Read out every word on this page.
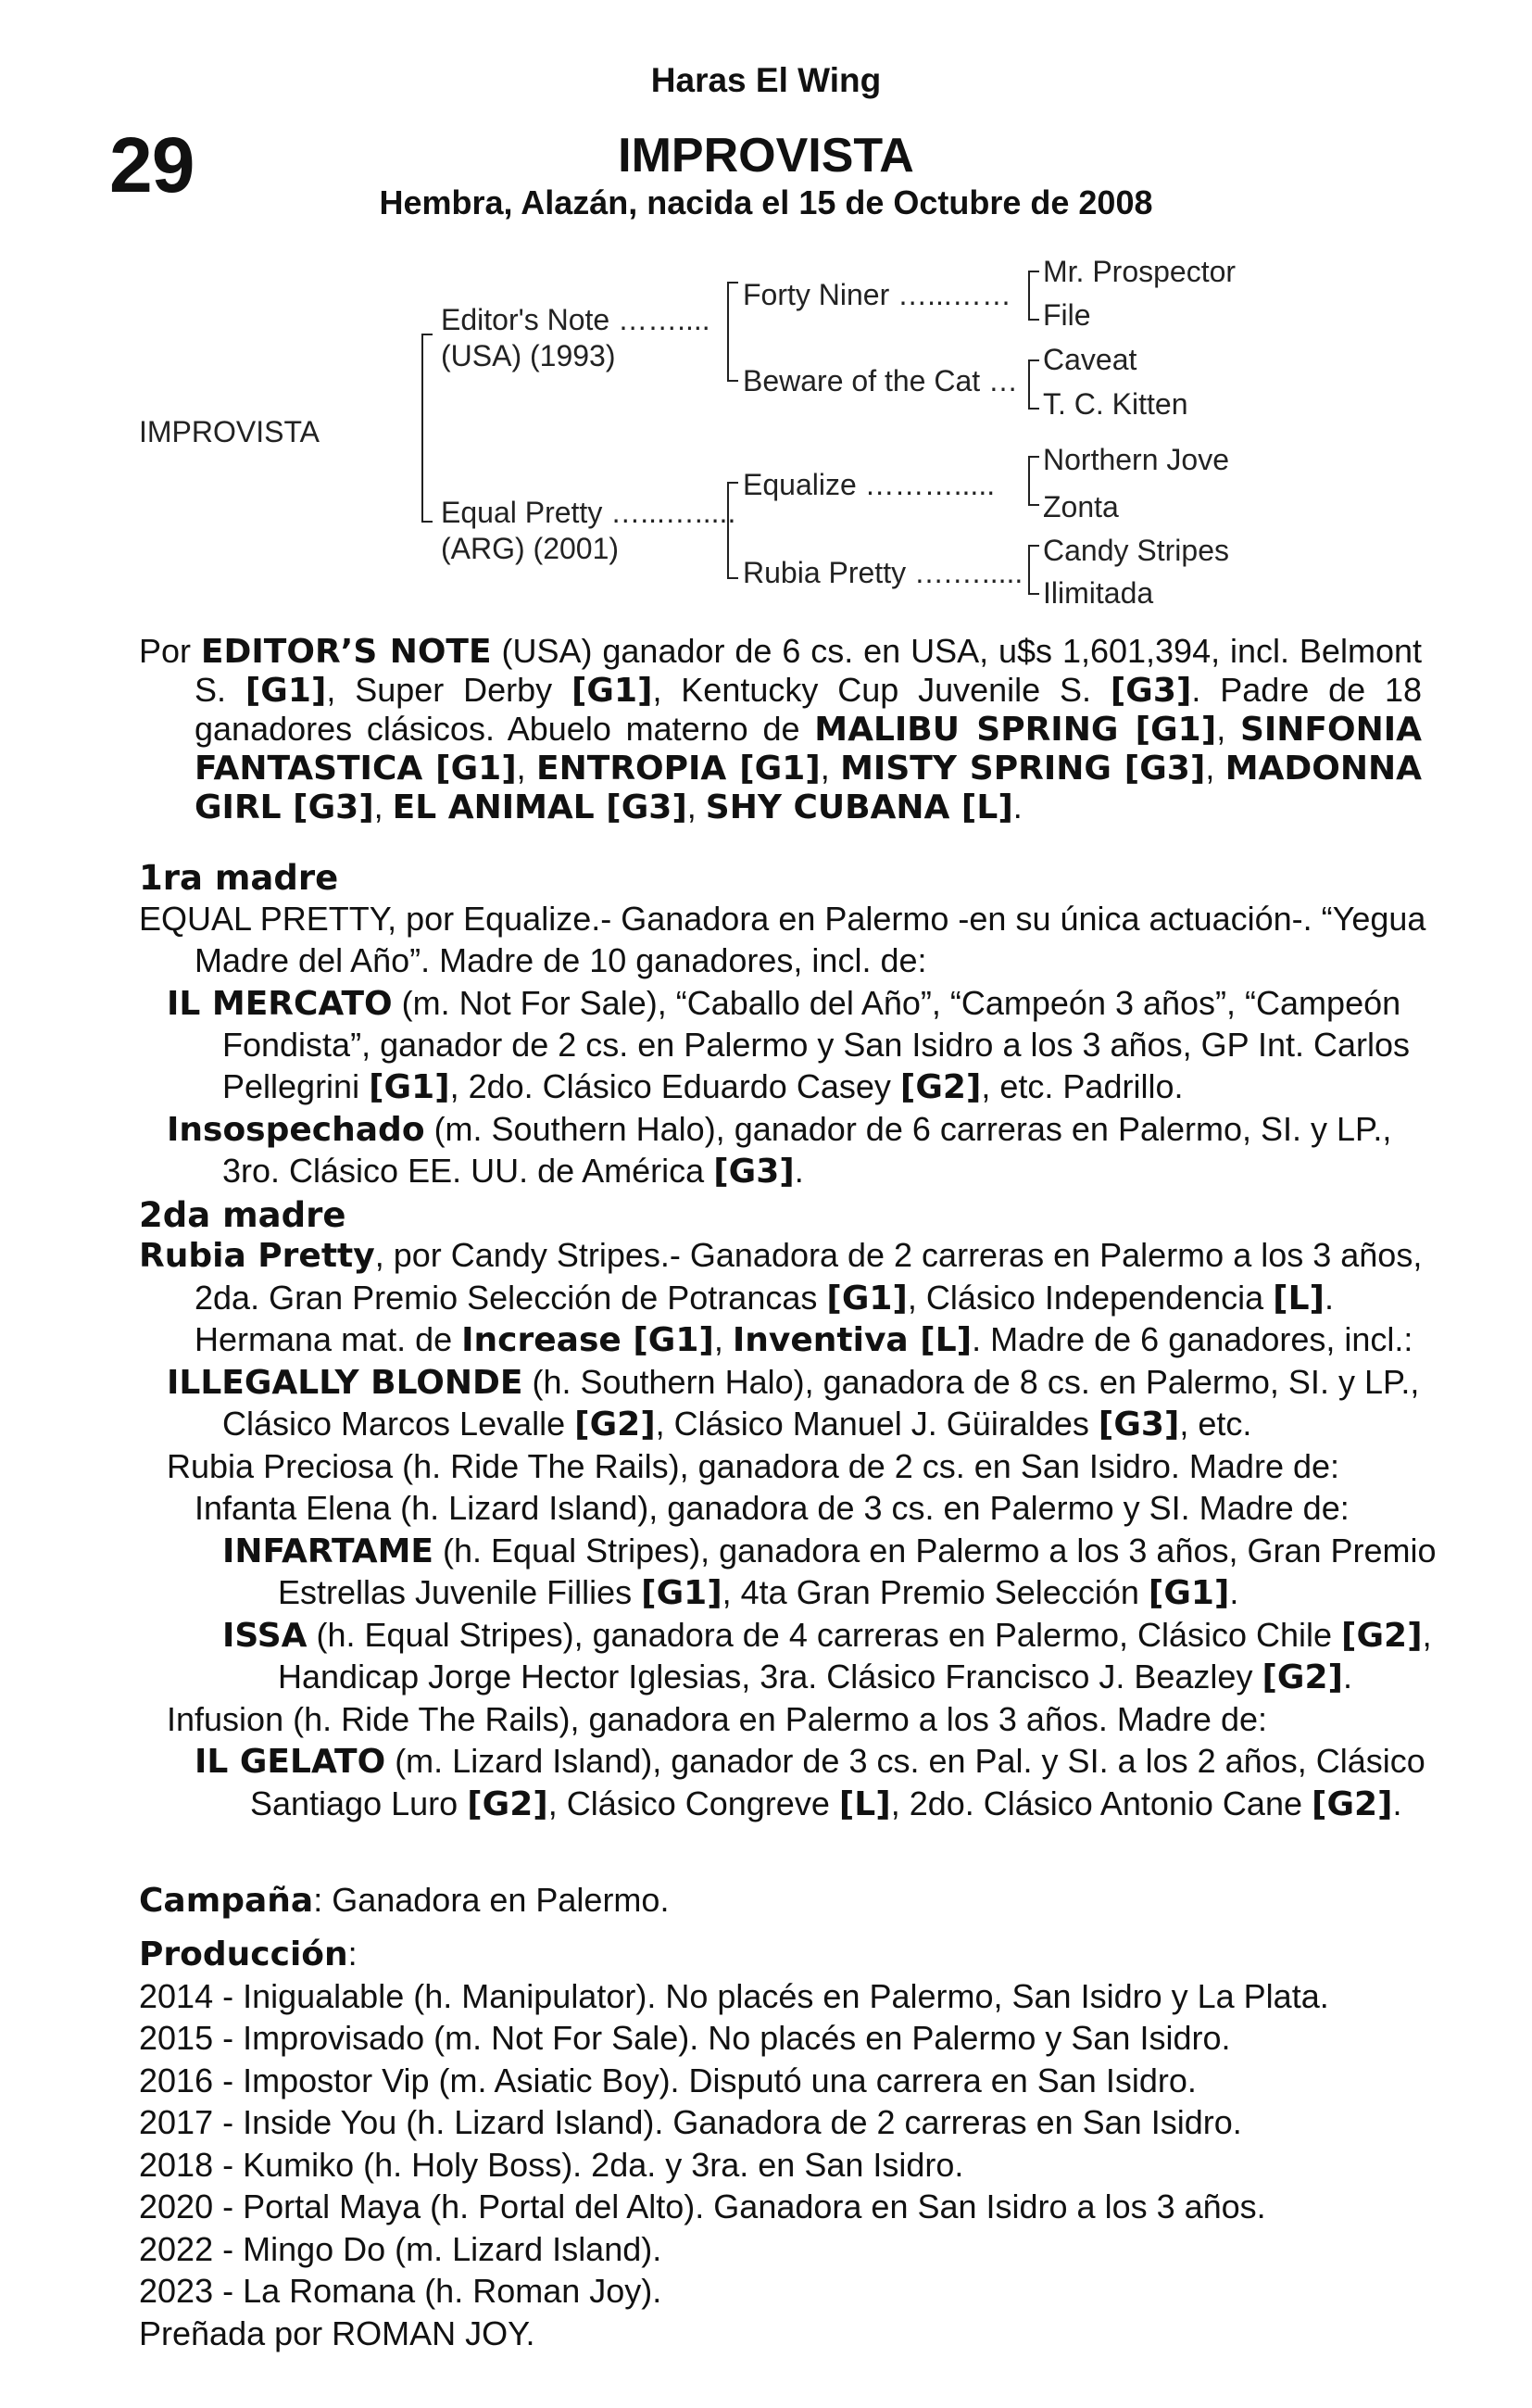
Haras El Wing
29	IMPROVISTA
Hembra, Alazán, nacida el 15 de Octubre de 2008
IMPROVISTA
Editor's Note ……....
(USA) (1993)
Equal Pretty …...….....
(ARG) (2001)
Forty Niner …...……
Beware of the Cat …
Equalize ……….....
Rubia Pretty ….….....
Mr. Prospector
File
Caveat
T. C. Kitten
Northern Jove
Zonta
Candy Stripes
Ilimitada

Por EDITOR’S NOTE (USA) ganador de 6 cs. en USA, u$s 1,601,394, incl. Belmont S. [G1], Super Derby [G1], Kentucky Cup Juvenile S. [G3]. Padre de 18 ganadores clásicos. Abuelo materno de MALIBU SPRING [G1], SINFONIA FANTASTICA [G1], ENTROPIA [G1], MISTY SPRING [G3], MADONNA GIRL [G3], EL ANIMAL [G3], SHY CUBANA [L].

1ra madre
EQUAL PRETTY, por Equalize.- Ganadora en Palermo -en su única actuación-. “Yegua
Madre del Año”. Madre de 10 ganadores, incl. de:
IL MERCATO (m. Not For Sale), “Caballo del Año”, “Campeón 3 años”, “Campeón
Fondista”, ganador de 2 cs. en Palermo y San Isidro a los 3 años, GP Int. Carlos
Pellegrini [G1], 2do. Clásico Eduardo Casey [G2], etc. Padrillo.
Insospechado (m. Southern Halo), ganador de 6 carreras en Palermo, SI. y LP.,
3ro. Clásico EE. UU. de América [G3].
2da madre
Rubia Pretty, por Candy Stripes.- Ganadora de 2 carreras en Palermo a los 3 años,
2da. Gran Premio Selección de Potrancas [G1], Clásico Independencia [L].
Hermana mat. de Increase [G1], Inventiva [L]. Madre de 6 ganadores, incl.:
ILLEGALLY BLONDE (h. Southern Halo), ganadora de 8 cs. en Palermo, SI. y LP.,
Clásico Marcos Levalle [G2], Clásico Manuel J. Güiraldes [G3], etc.
Rubia Preciosa (h. Ride The Rails), ganadora de 2 cs. en San Isidro. Madre de:
Infanta Elena (h. Lizard Island), ganadora de 3 cs. en Palermo y SI. Madre de:
INFARTAME (h. Equal Stripes), ganadora en Palermo a los 3 años, Gran Premio
Estrellas Juvenile Fillies [G1], 4ta Gran Premio Selección [G1].
ISSA (h. Equal Stripes), ganadora de 4 carreras en Palermo, Clásico Chile [G2],
Handicap Jorge Hector Iglesias, 3ra. Clásico Francisco J. Beazley [G2].
Infusion (h. Ride The Rails), ganadora en Palermo a los 3 años. Madre de:
IL GELATO (m. Lizard Island), ganador de 3 cs. en Pal. y SI. a los 2 años, Clásico
Santiago Luro [G2], Clásico Congreve [L], 2do. Clásico Antonio Cane [G2].
Campaña: Ganadora en Palermo.
Producción:
2014 - Inigualable (h. Manipulator). No placés en Palermo, San Isidro y La Plata.
2015 - Improvisado (m. Not For Sale). No placés en Palermo y San Isidro.
2016 - Impostor Vip (m. Asiatic Boy). Disputó una carrera en San Isidro.
2017 - Inside You (h. Lizard Island). Ganadora de 2 carreras en San Isidro.
2018 - Kumiko (h. Holy Boss). 2da. y 3ra. en San Isidro.
2020 - Portal Maya (h. Portal del Alto). Ganadora en San Isidro a los 3 años.
2022 - Mingo Do (m. Lizard Island).
2023 - La Romana (h. Roman Joy).
Preñada por ROMAN JOY.
